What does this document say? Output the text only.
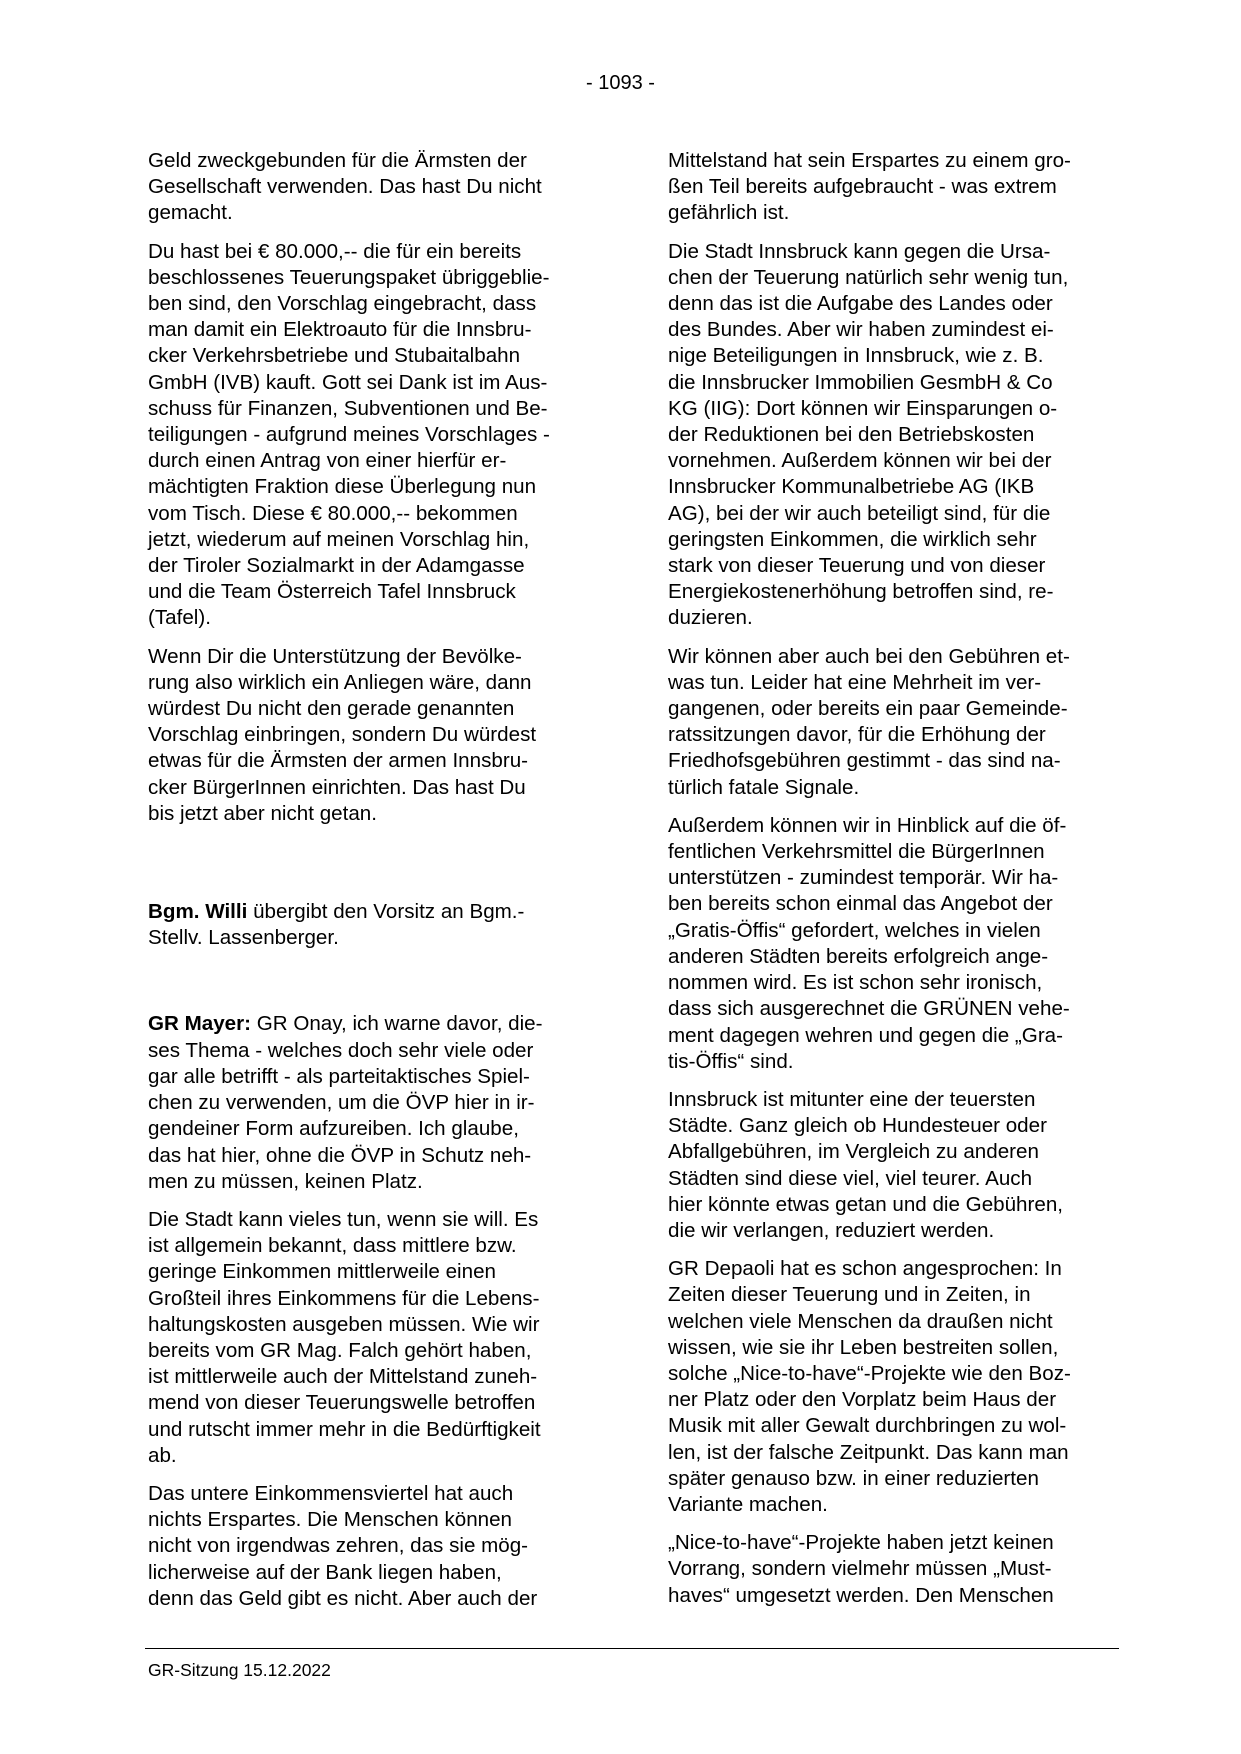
- 1093 -
Geld zweckgebunden für die Ärmsten der
Gesellschaft verwenden. Das hast Du nicht
gemacht.
Du hast bei € 80.000,-- die für ein bereits
beschlossenes Teuerungspaket übriggeblie-
ben sind, den Vorschlag eingebracht, dass
man damit ein Elektroauto für die Innsbru-
cker Verkehrsbetriebe und Stubaitalbahn
GmbH (IVB) kauft. Gott sei Dank ist im Aus-
schuss für Finanzen, Subventionen und Be-
teiligungen - aufgrund meines Vorschlages -
durch einen Antrag von einer hierfür er-
mächtigten Fraktion diese Überlegung nun
vom Tisch. Diese € 80.000,-- bekommen
jetzt, wiederum auf meinen Vorschlag hin,
der Tiroler Sozialmarkt in der Adamgasse
und die Team Österreich Tafel Innsbruck
(Tafel).
Wenn Dir die Unterstützung der Bevölke-
rung also wirklich ein Anliegen wäre, dann
würdest Du nicht den gerade genannten
Vorschlag einbringen, sondern Du würdest
etwas für die Ärmsten der armen Innsbru-
cker BürgerInnen einrichten. Das hast Du
bis jetzt aber nicht getan.
Bgm. Willi übergibt den Vorsitz an Bgm.-
Stellv. Lassenberger.
GR Mayer: GR Onay, ich warne davor, die-
ses Thema - welches doch sehr viele oder
gar alle betrifft - als parteitaktisches Spiel-
chen zu verwenden, um die ÖVP hier in ir-
gendeiner Form aufzureiben. Ich glaube,
das hat hier, ohne die ÖVP in Schutz neh-
men zu müssen, keinen Platz.
Die Stadt kann vieles tun, wenn sie will. Es
ist allgemein bekannt, dass mittlere bzw.
geringe Einkommen mittlerweile einen
Großteil ihres Einkommens für die Lebens-
haltungskosten ausgeben müssen. Wie wir
bereits vom GR Mag. Falch gehört haben,
ist mittlerweile auch der Mittelstand zuneh-
mend von dieser Teuerungswelle betroffen
und rutscht immer mehr in die Bedürftigkeit
ab.
Das untere Einkommensviertel hat auch
nichts Erspartes. Die Menschen können
nicht von irgendwas zehren, das sie mög-
licherweise auf der Bank liegen haben,
denn das Geld gibt es nicht. Aber auch der
Mittelstand hat sein Erspartes zu einem gro-
ßen Teil bereits aufgebraucht - was extrem
gefährlich ist.
Die Stadt Innsbruck kann gegen die Ursa-
chen der Teuerung natürlich sehr wenig tun,
denn das ist die Aufgabe des Landes oder
des Bundes. Aber wir haben zumindest ei-
nige Beteiligungen in Innsbruck, wie z. B.
die Innsbrucker Immobilien GesmbH & Co
KG (IIG): Dort können wir Einsparungen o-
der Reduktionen bei den Betriebskosten
vornehmen. Außerdem können wir bei der
Innsbrucker Kommunalbetriebe AG (IKB
AG), bei der wir auch beteiligt sind, für die
geringsten Einkommen, die wirklich sehr
stark von dieser Teuerung und von dieser
Energiekostenerhöhung betroffen sind, re-
duzieren.
Wir können aber auch bei den Gebühren et-
was tun. Leider hat eine Mehrheit im ver-
gangenen, oder bereits ein paar Gemeinde-
ratssitzungen davor, für die Erhöhung der
Friedhofsgebühren gestimmt - das sind na-
türlich fatale Signale.
Außerdem können wir in Hinblick auf die öf-
fentlichen Verkehrsmittel die BürgerInnen
unterstützen - zumindest temporär. Wir ha-
ben bereits schon einmal das Angebot der
„Gratis-Öffis“ gefordert, welches in vielen
anderen Städten bereits erfolgreich ange-
nommen wird. Es ist schon sehr ironisch,
dass sich ausgerechnet die GRÜNEN vehe-
ment dagegen wehren und gegen die „Gra-
tis-Öffis“ sind.
Innsbruck ist mitunter eine der teuersten
Städte. Ganz gleich ob Hundesteuer oder
Abfallgebühren, im Vergleich zu anderen
Städten sind diese viel, viel teurer. Auch
hier könnte etwas getan und die Gebühren,
die wir verlangen, reduziert werden.
GR Depaoli hat es schon angesprochen: In
Zeiten dieser Teuerung und in Zeiten, in
welchen viele Menschen da draußen nicht
wissen, wie sie ihr Leben bestreiten sollen,
solche „Nice-to-have“-Projekte wie den Boz-
ner Platz oder den Vorplatz beim Haus der
Musik mit aller Gewalt durchbringen zu wol-
len, ist der falsche Zeitpunkt. Das kann man
später genauso bzw. in einer reduzierten
Variante machen.
„Nice-to-have“-Projekte haben jetzt keinen
Vorrang, sondern vielmehr müssen „Must-
haves“ umgesetzt werden. Den Menschen
GR-Sitzung 15.12.2022
